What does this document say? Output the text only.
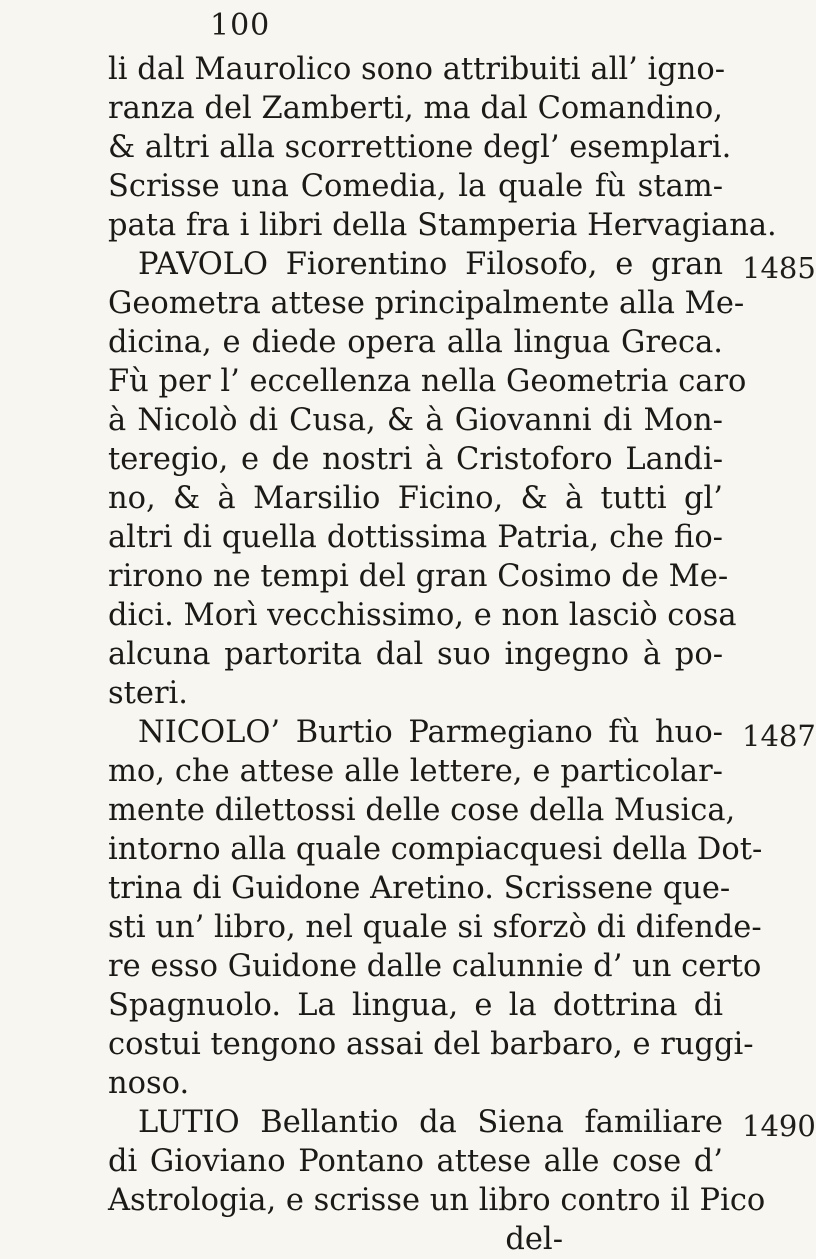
100
li dal Maurolico sono attribuiti all’ igno-
ranza del Zamberti, ma dal Comandino,
& altri alla scorrettione degl’ esemplari.
Scrisse una Comedia, la quale fù stam-
pata fra i libri della Stamperia Hervagiana.
PAVOLO Fiorentino Filosofo, e gran
Geometra attese principalmente alla Me-
dicina, e diede opera alla lingua Greca.
Fù per l’ eccellenza nella Geometria caro
à Nicolò di Cusa, & à Giovanni di Mon-
teregio, e de nostri à Cristoforo Landi-
no, & à Marsilio Ficino, & à tutti gl’
altri di quella dottissima Patria, che fio-
rirono ne tempi del gran Cosimo de Me-
dici. Morì vecchissimo, e non lasciò cosa
alcuna partorita dal suo ingegno à po-
steri.
NICOLO’ Burtio Parmegiano fù huo-
mo, che attese alle lettere, e particolar-
mente dilettossi delle cose della Musica,
intorno alla quale compiacquesi della Dot-
trina di Guidone Aretino. Scrissene que-
sti un’ libro, nel quale si sforzò di difende-
re esso Guidone dalle calunnie d’ un certo
Spagnuolo. La lingua, e la dottrina di
costui tengono assai del barbaro, e ruggi-
noso.
LUTIO Bellantio da Siena familiare
di Gioviano Pontano attese alle cose d’
Astrologia, e scrisse un libro contro il Pico
del-
1485
1487
1490
